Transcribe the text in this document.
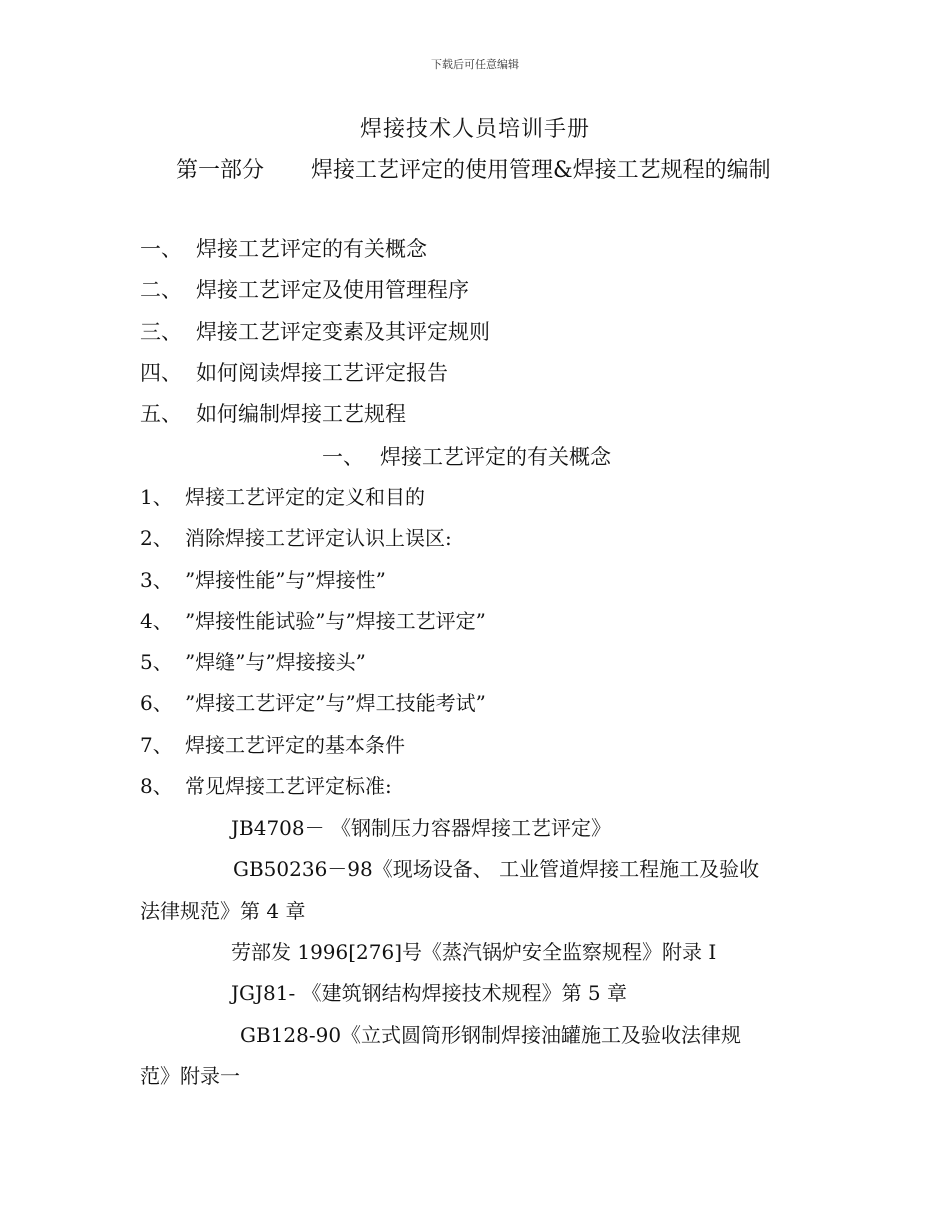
下载后可任意编辑
焊接技术人员培训手册
第一部分 焊接工艺评定的使用管理&焊接工艺规程的编制
一、 焊接工艺评定的有关概念
二、 焊接工艺评定及使用管理程序
三、 焊接工艺评定变素及其评定规则
四、 如何阅读焊接工艺评定报告
五、 如何编制焊接工艺规程
一、 焊接工艺评定的有关概念
1、 焊接工艺评定的定义和目的
2、 消除焊接工艺评定认识上误区:
3、 ”焊接性能”与”焊接性”
4、 ”焊接性能试验”与”焊接工艺评定”
5、 ”焊缝”与”焊接接头”
6、 ”焊接工艺评定”与”焊工技能考试”
7、 焊接工艺评定的基本条件
8、 常见焊接工艺评定标准:
JB4708－ 《钢制压力容器焊接工艺评定》
GB50236－98《现场设备、 工业管道焊接工程施工及验收
法律规范》第 4 章
劳部发 1996[276]号《蒸汽锅炉安全监察规程》附录 I
JGJ81- 《建筑钢结构焊接技术规程》第 5 章
GB128-90《立式圆筒形钢制焊接油罐施工及验收法律规
范》附录一
